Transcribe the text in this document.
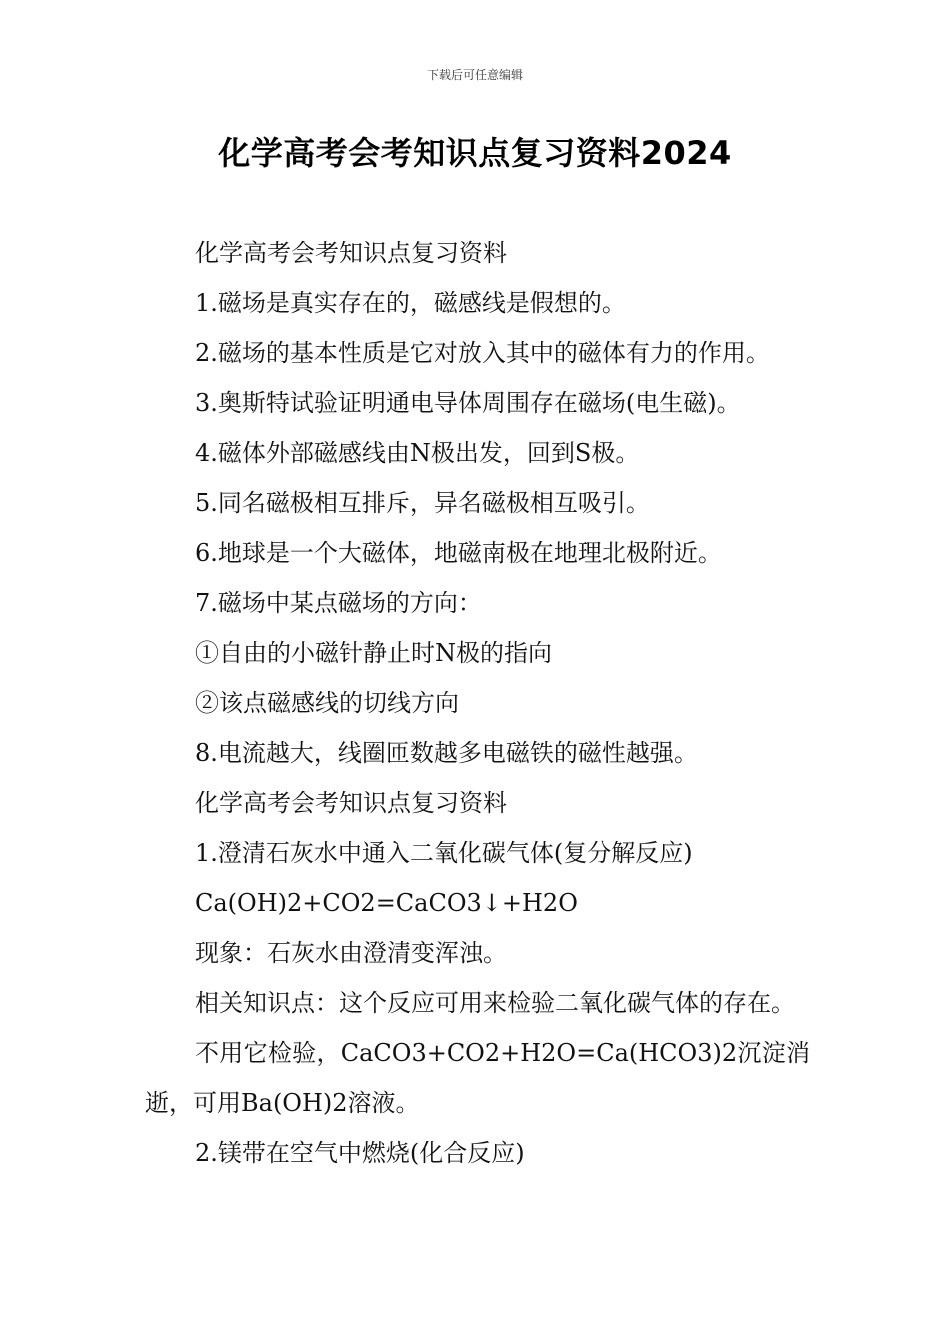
下载后可任意编辑
化学高考会考知识点复习资料2024
化学高考会考知识点复习资料
1.磁场是真实存在的，磁感线是假想的。
2.磁场的基本性质是它对放入其中的磁体有力的作用。
3.奥斯特试验证明通电导体周围存在磁场(电生磁)。
4.磁体外部磁感线由N极出发，回到S极。
5.同名磁极相互排斥，异名磁极相互吸引。
6.地球是一个大磁体，地磁南极在地理北极附近。
7.磁场中某点磁场的方向：
①自由的小磁针静止时N极的指向
②该点磁感线的切线方向
8.电流越大，线圈匝数越多电磁铁的磁性越强。
化学高考会考知识点复习资料
1.澄清石灰水中通入二氧化碳气体(复分解反应)
Ca(OH)2+CO2=CaCO3↓+H2O
现象：石灰水由澄清变浑浊。

相关知识点：这个反应可用来检验二氧化碳气体的存在。

不用它检验，CaCO3+CO2+H2O=Ca(HCO3)2沉淀消逝，可用Ba(OH)2溶液。

2.镁带在空气中燃烧(化合反应)
